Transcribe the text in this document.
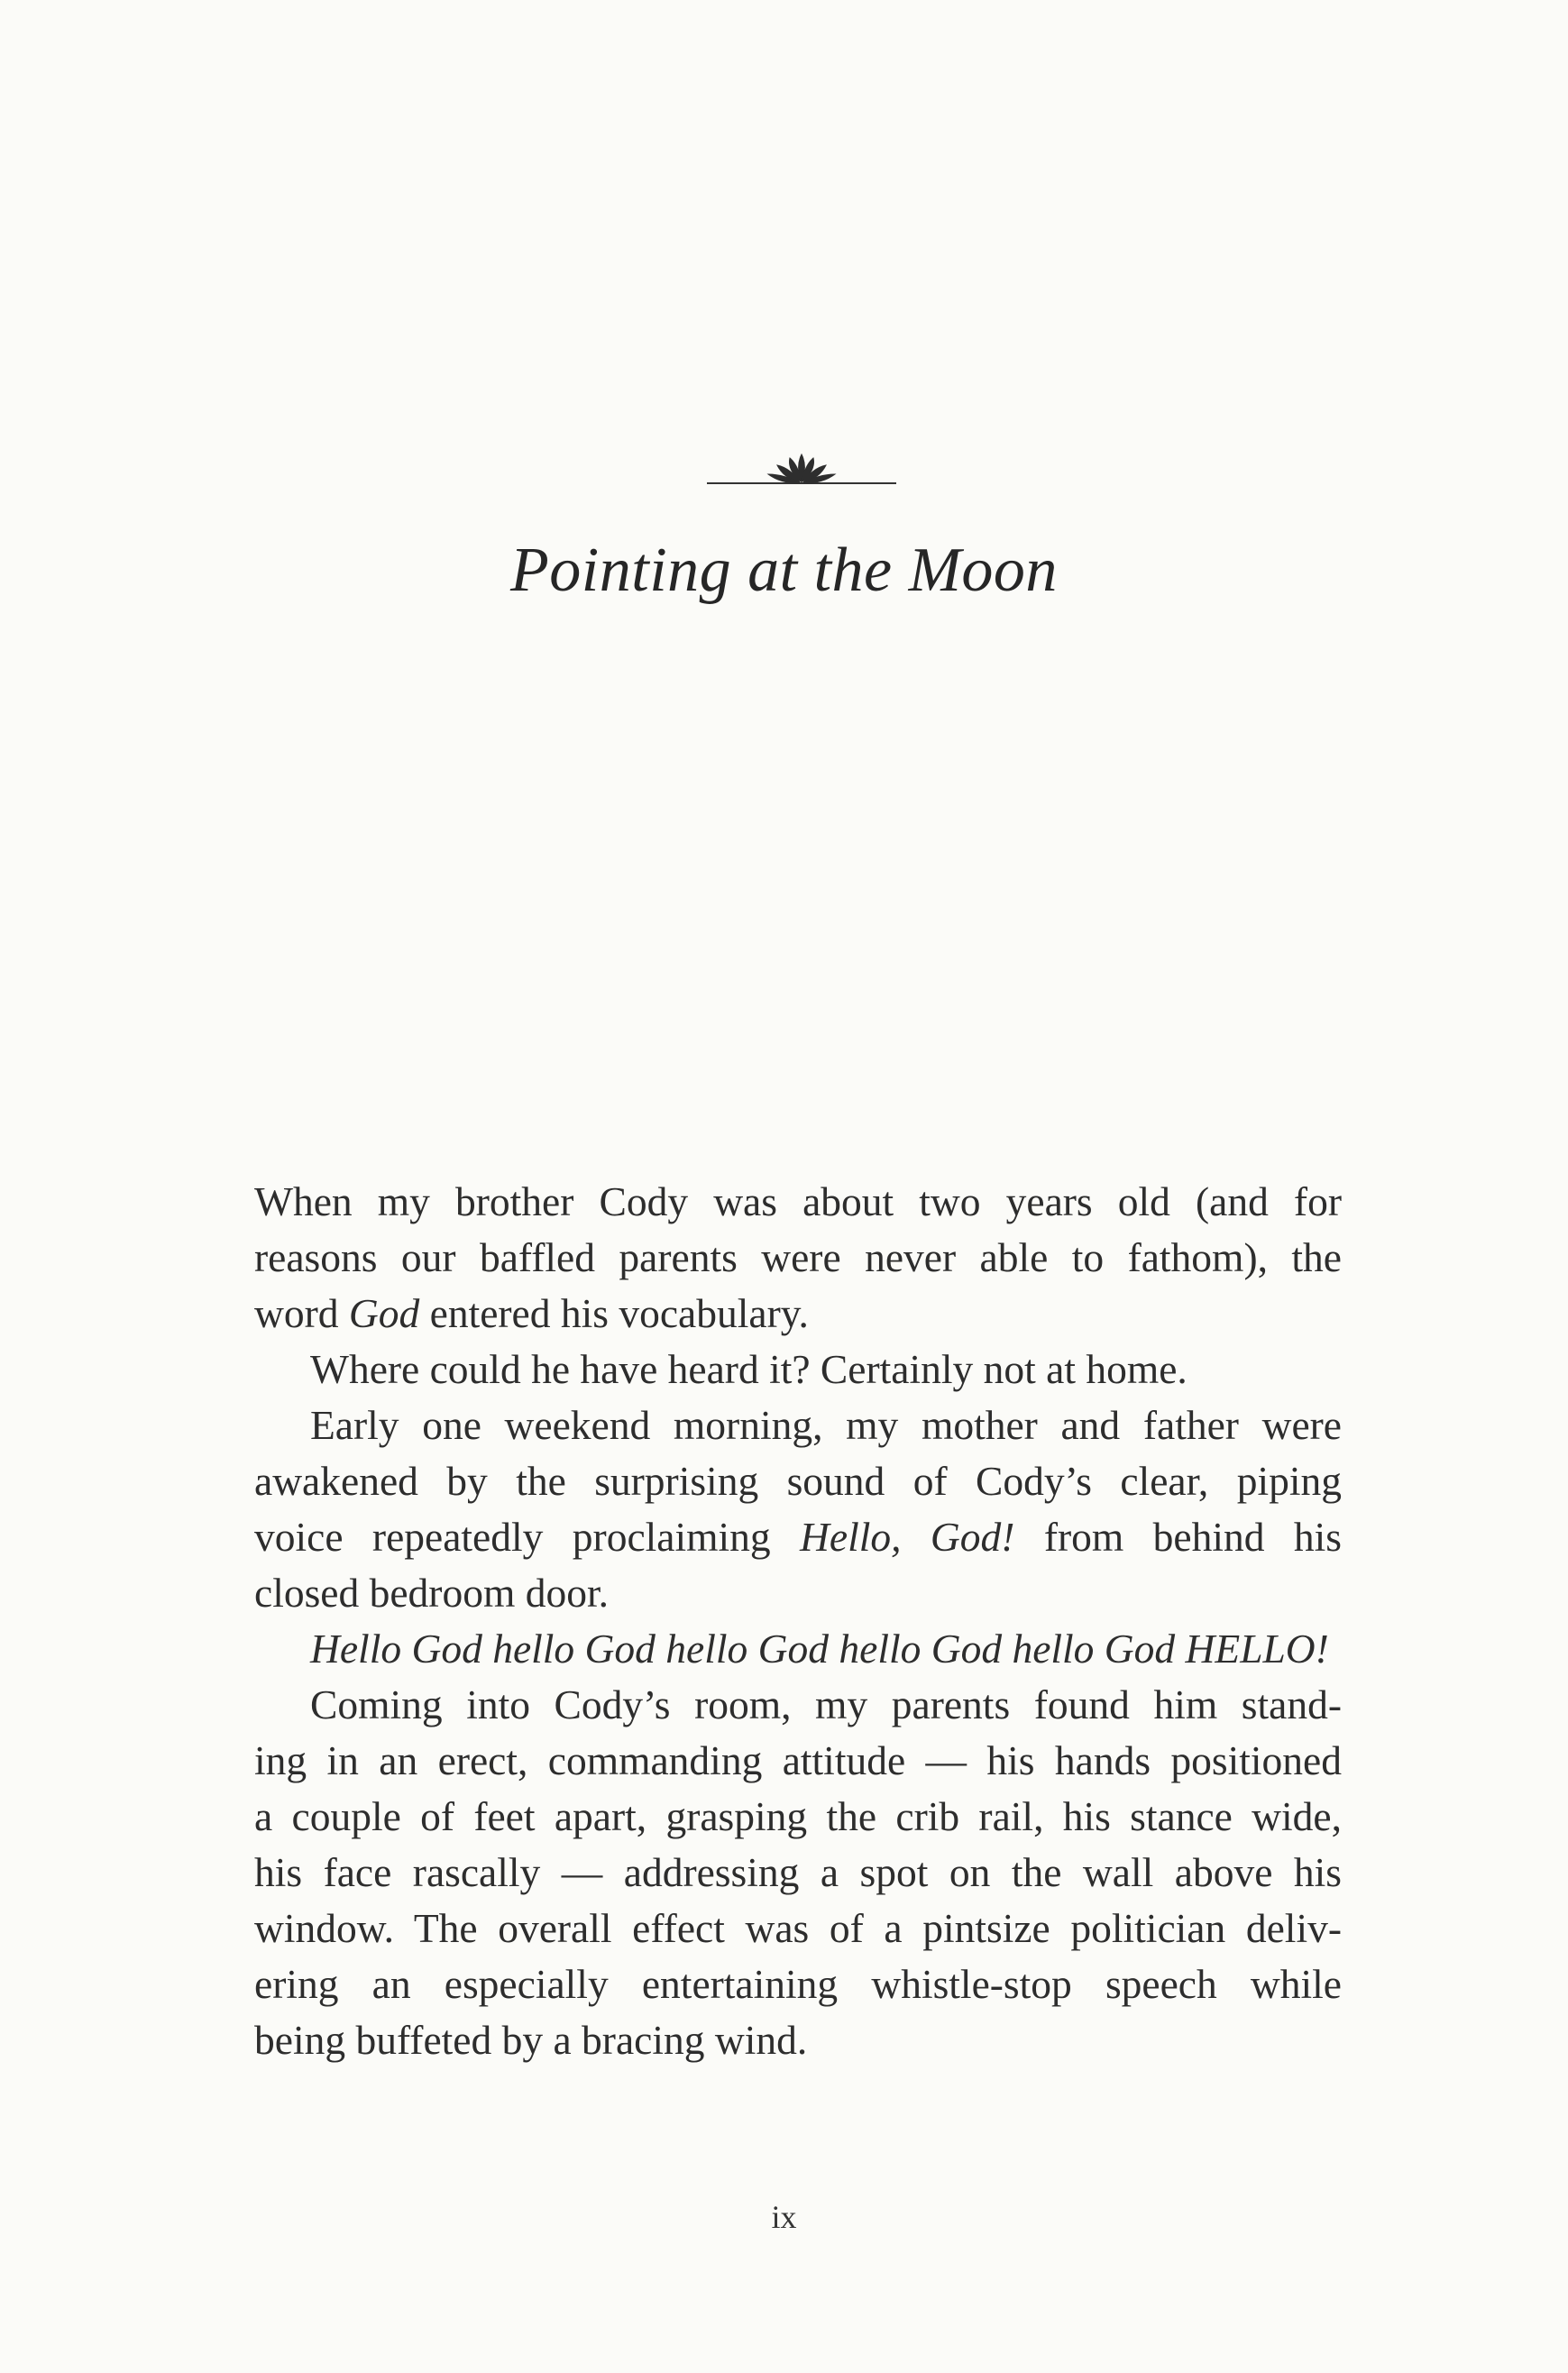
Pointing at the Moon
When my brother Cody was about two years old (and for
reasons our baffled parents were never able to fathom), the
word God entered his vocabulary.
Where could he have heard it? Certainly not at home.
Early one weekend morning, my mother and father were
awakened by the surprising sound of Cody’s clear, piping
voice repeatedly proclaiming Hello, God! from behind his
closed bedroom door.
Hello God hello God hello God hello God hello God HELLO!
Coming into Cody’s room, my parents found him stand-
ing in an erect, commanding attitude — his hands positioned
a couple of feet apart, grasping the crib rail, his stance wide,
his face rascally — addressing a spot on the wall above his
window. The overall effect was of a pintsize politician deliv-
ering an especially entertaining whistle-stop speech while
being buffeted by a bracing wind.
ix
